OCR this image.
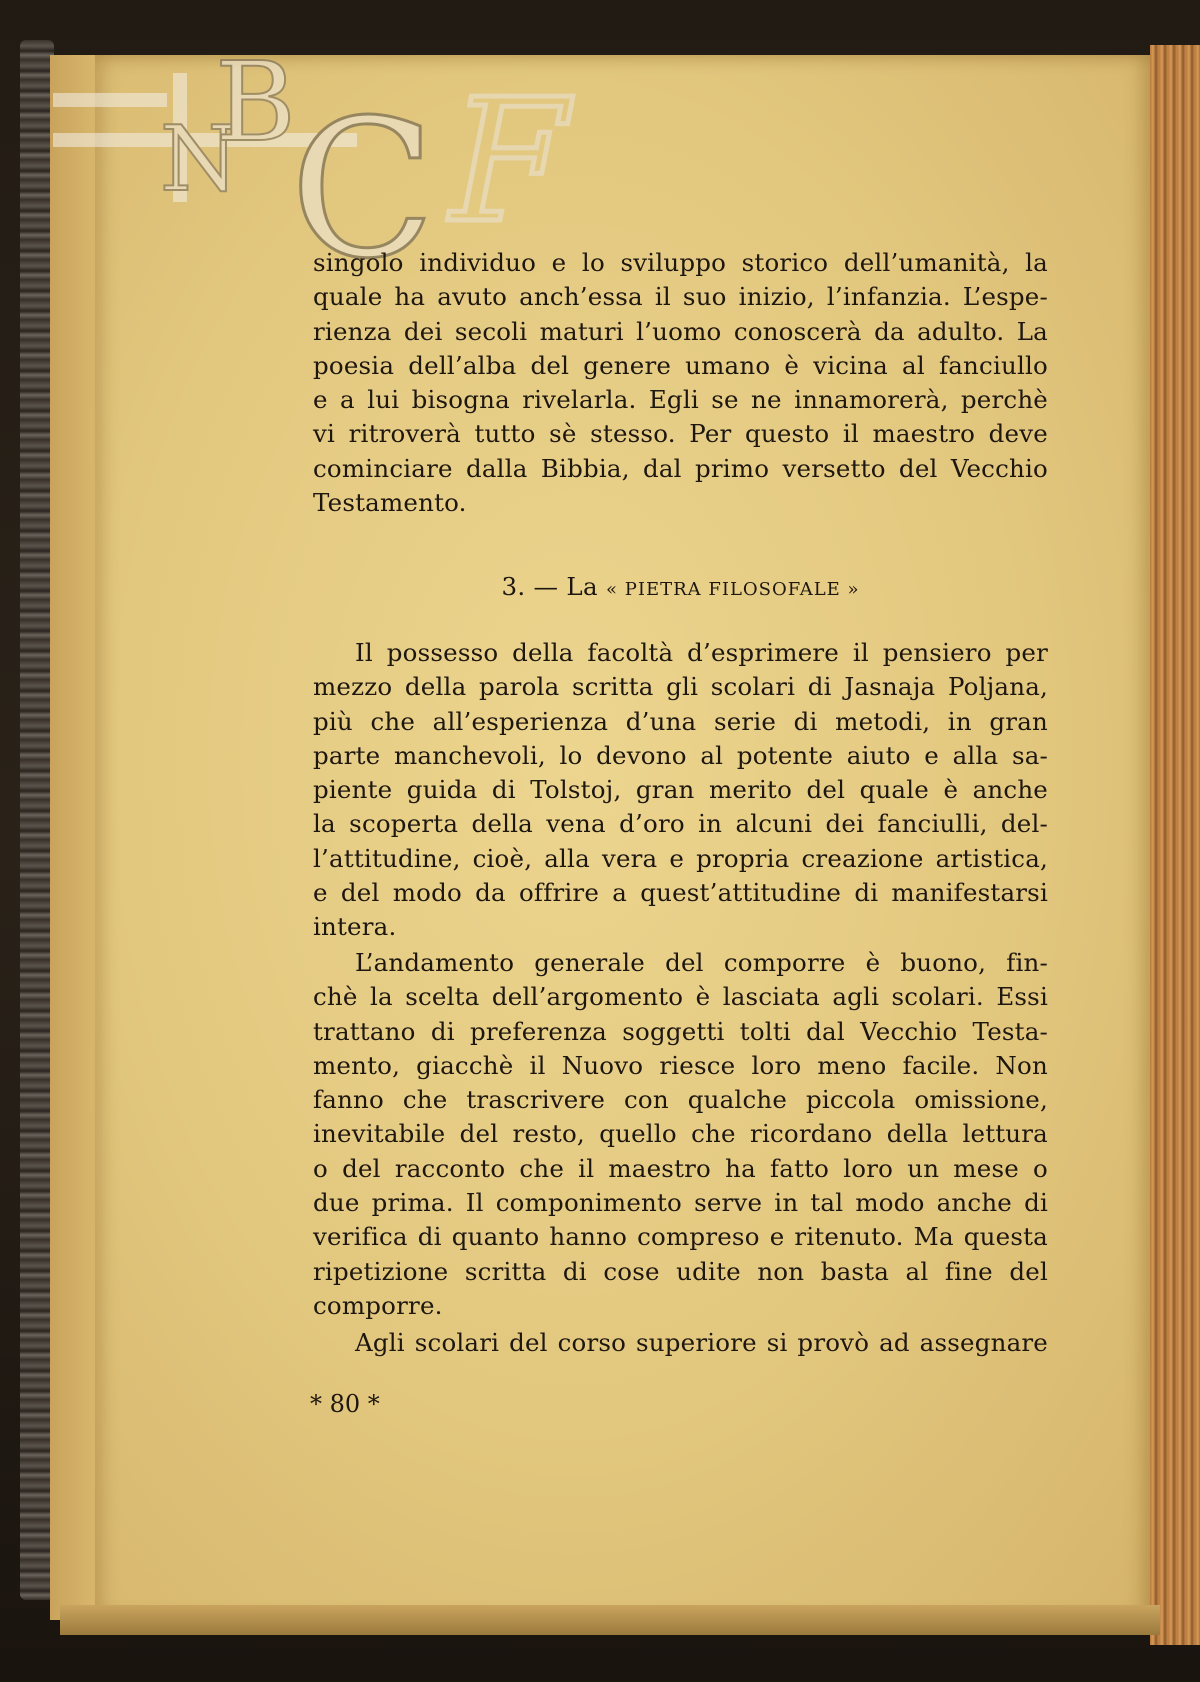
N
B
C F
singolo individuo e lo sviluppo storico dell’umanità, la
quale ha avuto anch’essa il suo inizio, l’infanzia. L’espe-
rienza dei secoli maturi l’uomo conoscerà da adulto. La
poesia dell’alba del genere umano è vicina al fanciullo
e a lui bisogna rivelarla. Egli se ne innamorerà, perchè
vi ritroverà tutto sè stesso. Per questo il maestro deve
cominciare dalla Bibbia, dal primo versetto del Vecchio
Testamento.
3. — La « PIETRA FILOSOFALE »
Il possesso della facoltà d’esprimere il pensiero per
mezzo della parola scritta gli scolari di Jasnaja Poljana,
più che all’esperienza d’una serie di metodi, in gran
parte manchevoli, lo devono al potente aiuto e alla sa-
piente guida di Tolstoj, gran merito del quale è anche
la scoperta della vena d’oro in alcuni dei fanciulli, del-
l’attitudine, cioè, alla vera e propria creazione artistica,
e del modo da offrire a quest’attitudine di manifestarsi
intera.
L’andamento generale del comporre è buono, fin-
chè la scelta dell’argomento è lasciata agli scolari. Essi
trattano di preferenza soggetti tolti dal Vecchio Testa-
mento, giacchè il Nuovo riesce loro meno facile. Non
fanno che trascrivere con qualche piccola omissione,
inevitabile del resto, quello che ricordano della lettura
o del racconto che il maestro ha fatto loro un mese o
due prima. Il componimento serve in tal modo anche di
verifica di quanto hanno compreso e ritenuto. Ma questa
ripetizione scritta di cose udite non basta al fine del
comporre.
Agli scolari del corso superiore si provò ad assegnare
* 80 *
